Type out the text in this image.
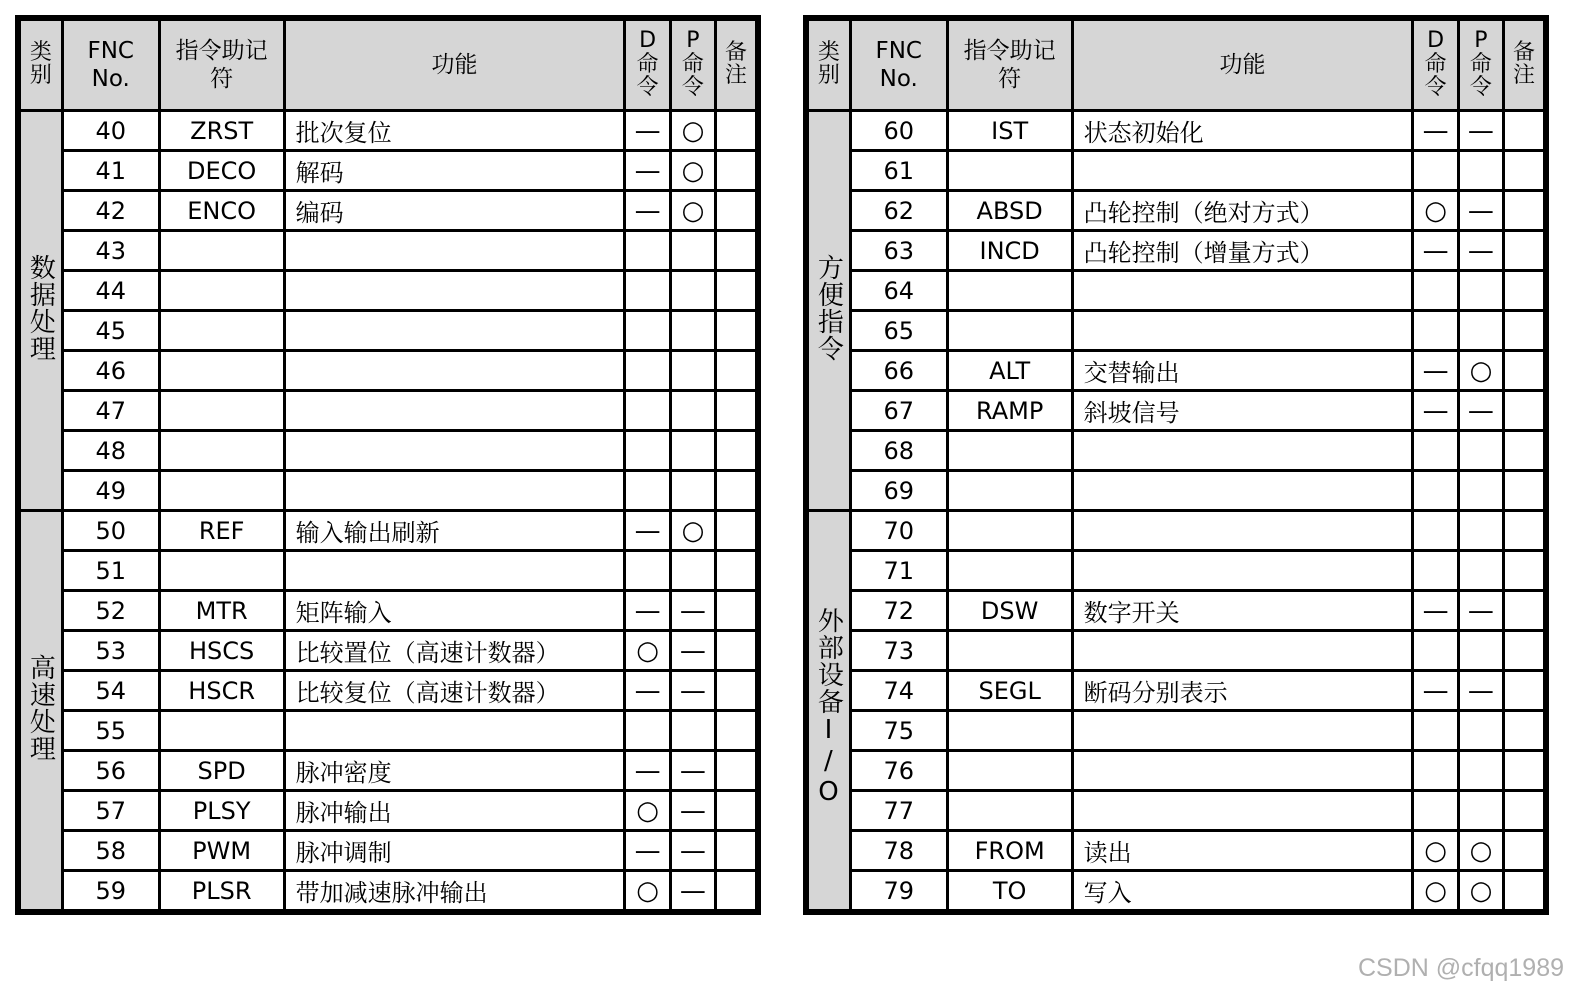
类别	FNC No.	指令助记符	功能	D命令	P命令	备注
数据处理	40	ZRST	批次复位	—	○	
	41	DECO	解码	—	○	
	42	ENCO	编码	—	○	
	43					
	44					
	45					
	46					
	47					
	48					
	49					
高速处理	50	REF	输入输出刷新	—	○	
	51					
	52	MTR	矩阵输入	—	—	
	53	HSCS	比较置位（高速计数器）	○	—	
	54	HSCR	比较复位（高速计数器）	—	—	
	55					
	56	SPD	脉冲密度	—	—	
	57	PLSY	脉冲输出	○	—	
	58	PWM	脉冲调制	—	—	
	59	PLSR	带加减速脉冲输出	○	—	
类别	FNC No.	指令助记符	功能	D命令	P命令	备注
方便指令	60	IST	状态初始化	—	—	
	61					
	62	ABSD	凸轮控制（绝对方式）	○	—	
	63	INCD	凸轮控制（增量方式）	—	—	
	64					
	65					
	66	ALT	交替输出	—	○	
	67	RAMP	斜坡信号	—	—	
	68					
	69					
外部设备I/O	70					
	71					
	72	DSW	数字开关	—	—	
	73					
	74	SEGL	断码分别表示	—	—	
	75					
	76					
	77					
	78	FROM	读出	○	○	
	79	TO	写入	○	○	
CSDN @cfqq1989
